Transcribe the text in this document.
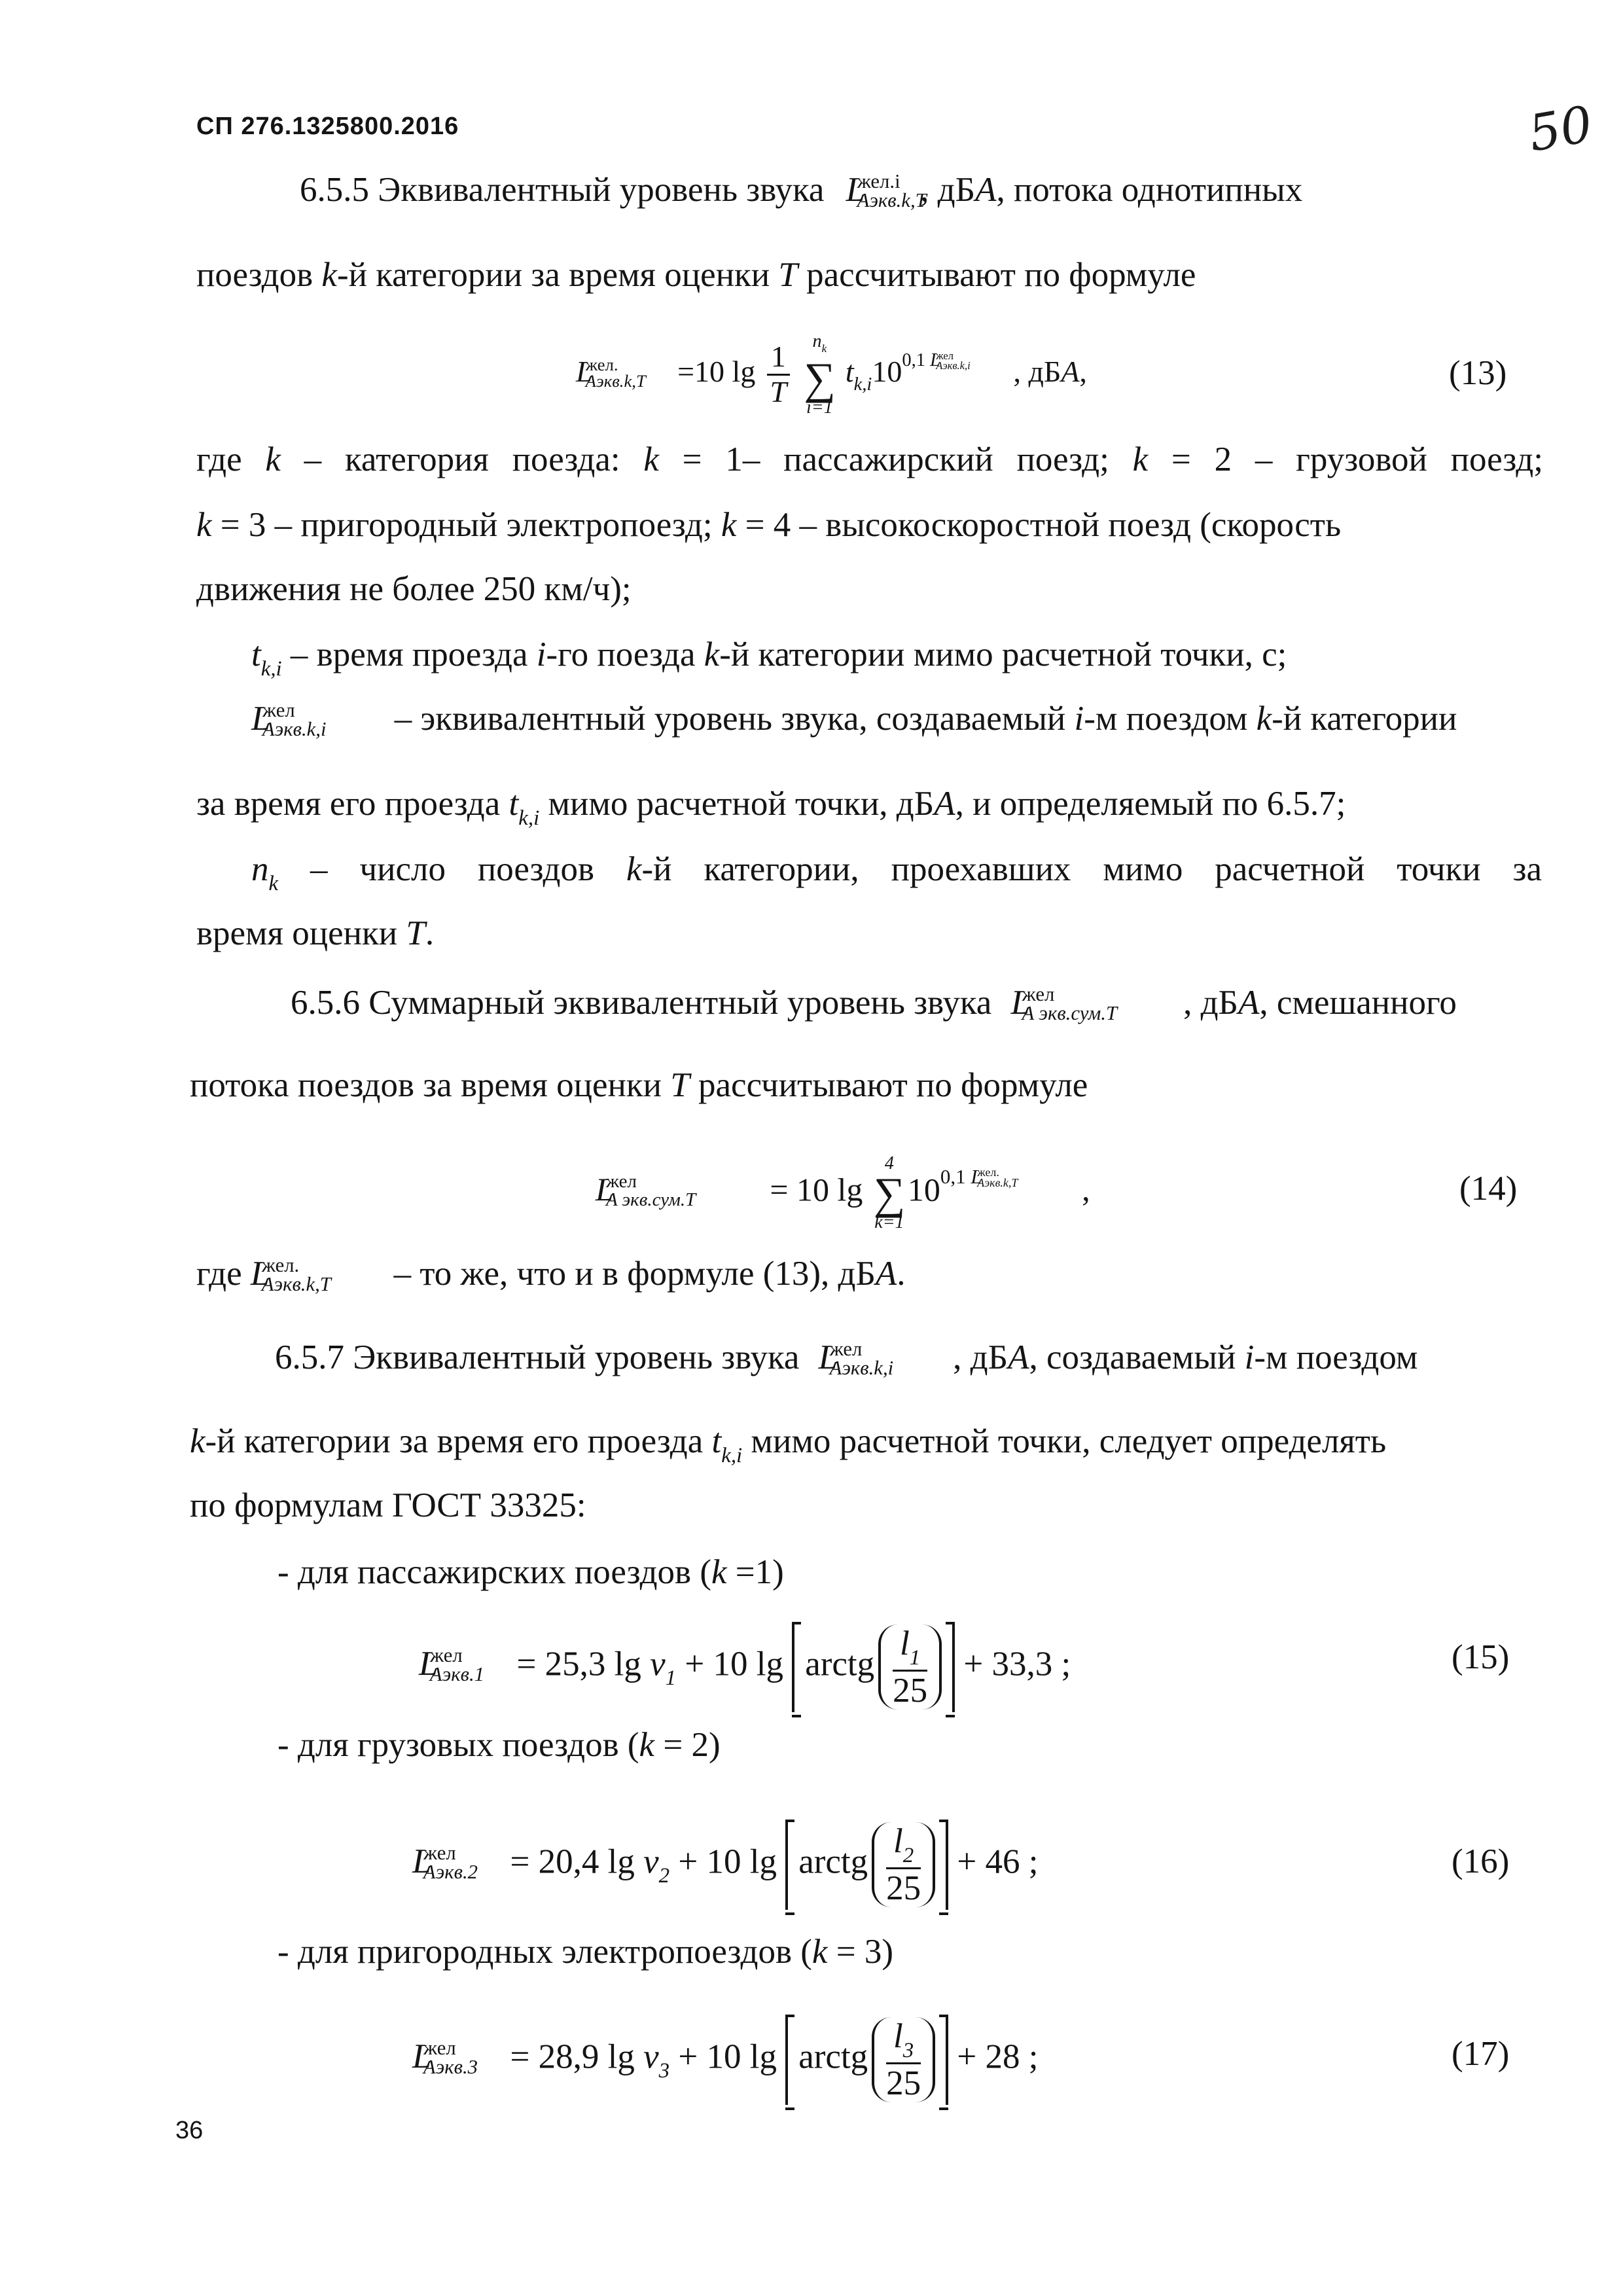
СП 276.1325800.2016	50
6.5.5 Эквивалентный уровень звука L
жел.i
Aэкв.k,T
, дБA, потока однотипных
поездов k-й категории за время оценки T рассчитывают по формуле
L
жел.
Aэкв.k,T =10 $\lg \frac{1}{T}$
	$n_k$
∑
i=1
$t_{k,i}10^{0,1 L жел Aэкв.k,i}$ , дБA,	(13)
где k – категория поезда: k = 1– пассажирский поезд; k = 2 – грузовой поезд;
k = 3 – пригородный электропоезд; k = 4 – высокоскоростной поезд (скорость
движения не более 250 км/ч);
$t_{k,i}$ – время проезда i-го поезда k-й категории мимо расчетной точки, с;
L
жел
Aэкв.k,i – эквивалентный уровень звука, создаваемый i-м поездом k-й категории
за время его проезда $t_{k,i}$ мимо расчетной точки, дБA, и определяемый по 6.5.7;
$n_k$ – число поездов k-й категории, проехавших мимо расчетной точки за
время оценки T.
6.5.6 Суммарный эквивалентный уровень звука L
жел
A экв.сум.T , дБA, смешанного
потока поездов за время оценки T рассчитывают по формуле
L
жел
A экв.сум.T = 10 lg
4
∑
k=1
$10^{0,1 L жел. Aэкв.k,T}$ ,	(14)
где L
жел.
Aэкв.k,T – то же, что и в формуле (13), дБA.
6.5.7 Эквивалентный уровень звука L
жел
Aэкв.k,i , дБA, создаваемый i-м поездом
k-й категории за время его проезда $t_{k,i}$ мимо расчетной точки, следует определять
по формулам ГОСТ 33325:
- для пассажирских поездов (k =1)
L
жел
Aэкв.1 = 25,3 $\lg v_1 + 10$ lg arctg $\frac{l_1}{25} + 33,3$ ;	(15)
- для грузовых поездов (k = 2)
L
жел
Aэкв.2 = 20,4 $\lg v_2 + 10$ lg arctg $\frac{l_2}{25} + 46$ ;	(16)
- для пригородных электропоездов (k = 3)
L
жел
Aэкв.3 = 28,9 $\lg v_3 + 10$ lg arctg $\frac{l_3}{25} + 28$ ;	(17)
36
